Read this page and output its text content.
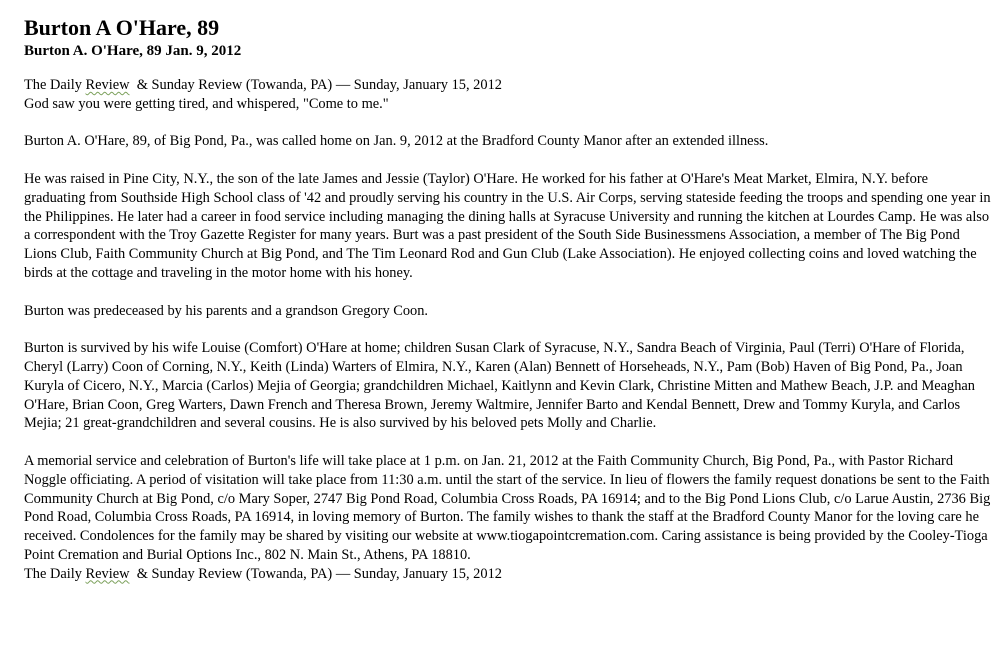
Burton A O'Hare, 89
Burton A. O'Hare, 89 Jan. 9, 2012
The Daily Review  & Sunday Review (Towanda, PA) — Sunday, January 15, 2012

God saw you were getting tired, and whispered, "Come to me."

Burton A. O'Hare, 89, of Big Pond, Pa., was called home on Jan. 9, 2012 at the Bradford County Manor after an extended illness.

He was raised in Pine City, N.Y., the son of the late James and Jessie (Taylor) O'Hare. He worked for his father at O'Hare's Meat Market, Elmira, N.Y. before graduating from Southside High School class of '42 and proudly serving his country in the U.S. Air Corps, serving stateside feeding the troops and spending one year in the Philippines. He later had a career in food service including managing the dining halls at Syracuse University and running the kitchen at Lourdes Camp. He was also a correspondent with the Troy Gazette Register for many years. Burt was a past president of the South Side Businessmens Association, a member of The Big Pond Lions Club, Faith Community Church at Big Pond, and The Tim Leonard Rod and Gun Club (Lake Association). He enjoyed collecting coins and loved watching the birds at the cottage and traveling in the motor home with his honey.

Burton was predeceased by his parents and a grandson Gregory Coon.

Burton is survived by his wife Louise (Comfort) O'Hare at home; children Susan Clark of Syracuse, N.Y., Sandra Beach of Virginia, Paul (Terri) O'Hare of Florida, Cheryl (Larry) Coon of Corning, N.Y., Keith (Linda) Warters of Elmira, N.Y., Karen (Alan) Bennett of Horseheads, N.Y., Pam (Bob) Haven of Big Pond, Pa., Joan Kuryla of Cicero, N.Y., Marcia (Carlos) Mejia of Georgia; grandchildren Michael, Kaitlynn and Kevin Clark, Christine Mitten and Mathew Beach, J.P. and Meaghan O'Hare, Brian Coon, Greg Warters, Dawn French and Theresa Brown, Jeremy Waltmire, Jennifer Barto and Kendal Bennett, Drew and Tommy Kuryla, and Carlos Mejia; 21 great-grandchildren and several cousins. He is also survived by his beloved pets Molly and Charlie.

A memorial service and celebration of Burton's life will take place at 1 p.m. on Jan. 21, 2012 at the Faith Community Church, Big Pond, Pa., with Pastor Richard Noggle officiating. A period of visitation will take place from 11:30 a.m. until the start of the service. In lieu of flowers the family request donations be sent to the Faith Community Church at Big Pond, c/o Mary Soper, 2747 Big Pond Road, Columbia Cross Roads, PA 16914; and to the Big Pond Lions Club, c/o Larue Austin, 2736 Big Pond Road, Columbia Cross Roads, PA 16914, in loving memory of Burton. The family wishes to thank the staff at the Bradford County Manor for the loving care he received. Condolences for the family may be shared by visiting our website at www.tiogapointcremation.com. Caring assistance is being provided by the Cooley-Tioga Point Cremation and Burial Options Inc., 802 N. Main St., Athens, PA 18810.

The Daily Review  & Sunday Review (Towanda, PA) — Sunday, January 15, 2012
